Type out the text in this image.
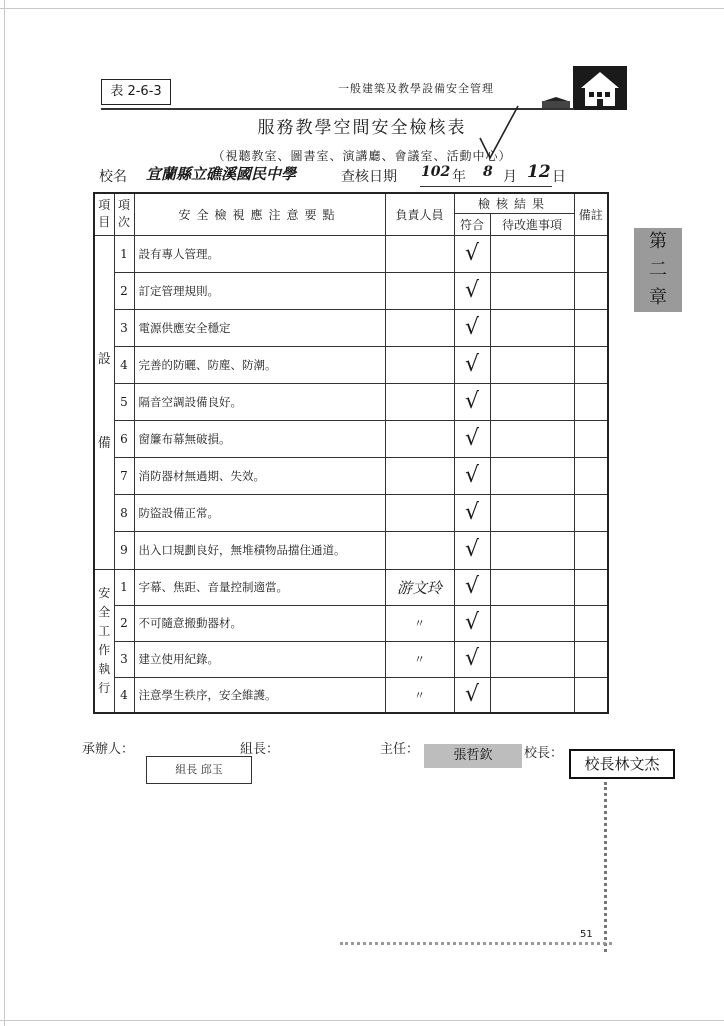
表 2-6-3	一般建築及教學設備安全管理
服務教學空間安全檢核表
（視聽教室、圖書室、演講廳、會議室、活動中心）
校名 宜蘭縣立礁溪國民中學	查核日期 102 年 8 月 12 日
項目	項次	安全檢視應注意要點	負責人員	檢核結果		備註
				符合	待改進事項	
設備	1	設有專人管理。		√		
	2	訂定管理規則。		√		
	3	電源供應安全穩定		√		
	4	完善的防曬、防塵、防潮。		√		
	5	隔音空調設備良好。		√		
	6	窗簾布幕無破損。		√		
	7	消防器材無過期、失效。		√		
	8	防盜設備正常。		√		
	9	出入口規劃良好，無堆積物品擋住通道。		√		
安全工作執行	1	字幕、焦距、音量控制適當。	游文玲	√		
	2	不可隨意搬動器材。	〃	√		
	3	建立使用紀錄。	〃	√		
	4	注意學生秩序，安全維護。	〃	√		
第二章
承辦人：	組長：	主任：	校長：
組長 邱玉
張哲欽	校長林文杰
51
